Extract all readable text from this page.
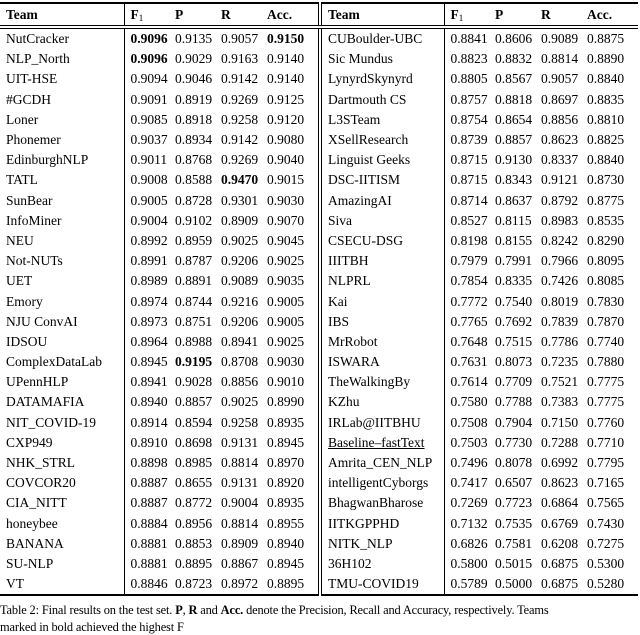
Team	$F_1$	P	R	Acc.
NutCracker	0.9096	0.9135	0.9057	0.9150
NLP_North	0.9096	0.9029	0.9163	0.9140
UIT-HSE	0.9094	0.9046	0.9142	0.9140
#GCDH	0.9091	0.8919	0.9269	0.9125
Loner	0.9085	0.8918	0.9258	0.9120
Phonemer	0.9037	0.8934	0.9142	0.9080
EdinburghNLP	0.9011	0.8768	0.9269	0.9040
TATL	0.9008	0.8588	0.9470	0.9015
SunBear	0.9005	0.8728	0.9301	0.9030
InfoMiner	0.9004	0.9102	0.8909	0.9070
NEU	0.8992	0.8959	0.9025	0.9045
Not-NUTs	0.8991	0.8787	0.9206	0.9025
UET	0.8989	0.8891	0.9089	0.9035
Emory	0.8974	0.8744	0.9216	0.9005
NJU ConvAI	0.8973	0.8751	0.9206	0.9005
IDSOU	0.8964	0.8988	0.8941	0.9025
ComplexDataLab	0.8945	0.9195	0.8708	0.9030
UPennHLP	0.8941	0.9028	0.8856	0.9010
DATAMAFIA	0.8940	0.8857	0.9025	0.8990
NIT_COVID-19	0.8914	0.8594	0.9258	0.8935
CXP949	0.8910	0.8698	0.9131	0.8945
NHK_STRL	0.8898	0.8985	0.8814	0.8970
COVCOR20	0.8887	0.8655	0.9131	0.8920
CIA_NITT	0.8887	0.8772	0.9004	0.8935
honeybee	0.8884	0.8956	0.8814	0.8955
BANANA	0.8881	0.8853	0.8909	0.8940
SU-NLP	0.8881	0.8895	0.8867	0.8945
VT	0.8846	0.8723	0.8972	0.8895
Team	$F_1$	P	R	Acc.
CUBoulder-UBC	0.8841	0.8606	0.9089	0.8875
Sic Mundus	0.8823	0.8832	0.8814	0.8890
LynyrdSkynyrd	0.8805	0.8567	0.9057	0.8840
Dartmouth CS	0.8757	0.8818	0.8697	0.8835
L3STeam	0.8754	0.8654	0.8856	0.8810
XSellResearch	0.8739	0.8857	0.8623	0.8825
Linguist Geeks	0.8715	0.9130	0.8337	0.8840
DSC-IITISM	0.8715	0.8343	0.9121	0.8730
AmazingAI	0.8714	0.8637	0.8792	0.8775
Siva	0.8527	0.8115	0.8983	0.8535
CSECU-DSG	0.8198	0.8155	0.8242	0.8290
IIITBH	0.7979	0.7991	0.7966	0.8095
NLPRL	0.7854	0.8335	0.7426	0.8085
Kai	0.7772	0.7540	0.8019	0.7830
IBS	0.7765	0.7692	0.7839	0.7870
MrRobot	0.7648	0.7515	0.7786	0.7740
ISWARA	0.7631	0.8073	0.7235	0.7880
TheWalkingBy	0.7614	0.7709	0.7521	0.7775
KZhu	0.7580	0.7788	0.7383	0.7775
IRLab@IITBHU	0.7508	0.7904	0.7150	0.7760
Baseline–fastText	0.7503	0.7730	0.7288	0.7710
Amrita_CEN_NLP	0.7496	0.8078	0.6992	0.7795
intelligentCyborgs	0.7417	0.6507	0.8623	0.7165
BhagwanBharose	0.7269	0.7723	0.6864	0.7565
IITKGPPHD	0.7132	0.7535	0.6769	0.7430
NITK_NLP	0.6826	0.7581	0.6208	0.7275
36H102	0.5800	0.5015	0.6875	0.5300
TMU-COVID19	0.5789	0.5000	0.6875	0.5280
Table 2: Final results on the test set. P, R and Acc. denote the Precision, Recall and Accuracy, respectively. Teams
marked in bold achieved the highest F
